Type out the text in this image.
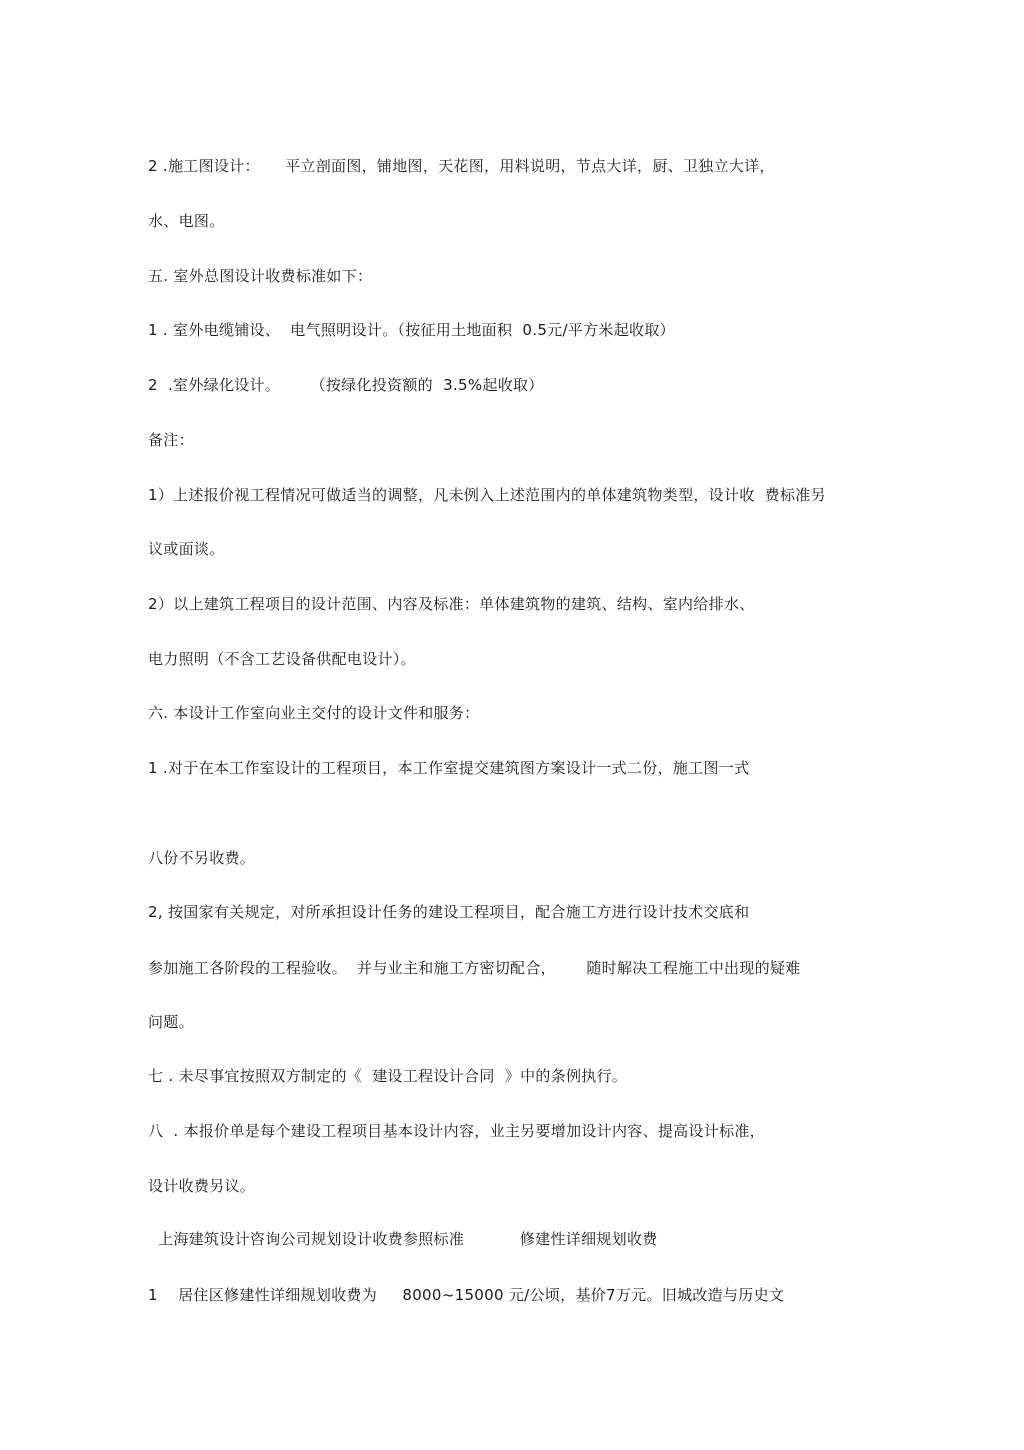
2 .施工图设计：     平立剖面图，铺地图，天花图，用料说明，节点大详，厨、卫独立大详，
水、电图。
五. 室外总图设计收费标准如下：
1 . 室外电缆铺设、  电气照明设计。（按征用土地面积  0.5元/平方米起收取）
2  .室外绿化设计。      （按绿化投资额的  3.5%起收取）
备注：
1）上述报价视工程情况可做适当的调整，凡未例入上述范围内的单体建筑物类型，设计收  费标准另
议或面谈。
2）以上建筑工程项目的设计范围、内容及标准：单体建筑物的建筑、结构、室内给排水、
电力照明（不含工艺设备供配电设计）。
六. 本设计工作室向业主交付的设计文件和服务：
1 .对于在本工作室设计的工程项目，本工作室提交建筑图方案设计一式二份，施工图一式
八份不另收费。
2, 按国家有关规定，对所承担设计任务的建设工程项目，配合施工方进行设计技术交底和
参加施工各阶段的工程验收。  并与业主和施工方密切配合，      随时解决工程施工中出现的疑难
问题。
七 . 未尽事宜按照双方制定的《  建设工程设计合同  》中的条例执行。
八  . 本报价单是每个建设工程项目基本设计内容，业主另要增加设计内容、提高设计标准，
设计收费另议。
上海建筑设计咨询公司规划设计收费参照标准           修建性详细规划收费
1    居住区修建性详细规划收费为     8000~15000 元/公顷，基价7万元。旧城改造与历史文
